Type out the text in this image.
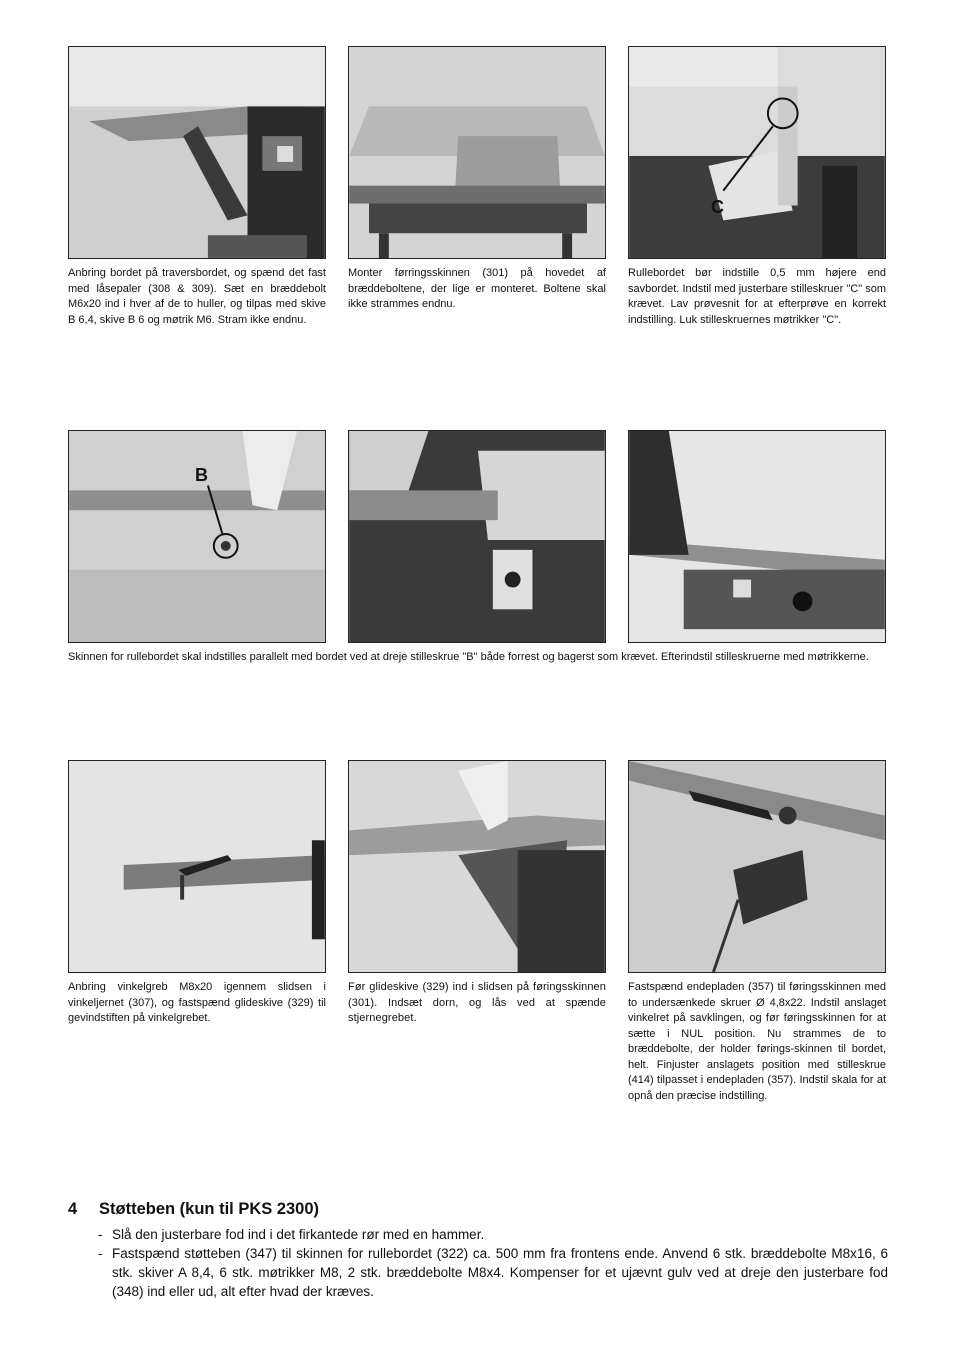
C

Anbring bordet på traversbordet, og spænd det fast med låsepaler (308 & 309). Sæt en bræddebolt M6x20 ind i hver af de to huller, og tilpas med skive B 6,4, skive B 6 og møtrik M6. Stram ikke endnu.

Monter førringsskinnen (301) på hovedet af bræddeboltene, der lige er monteret. Boltene skal ikke strammes endnu.

Rullebordet bør indstille 0,5 mm højere end savbordet. Indstil med justerbare stilleskruer "C" som krævet. Lav prøvesnit for at efterprøve en korrekt indstilling. Luk stilleskruernes møtrikker "C".

B

Skinnen for rullebordet skal indstilles parallelt med bordet ved at dreje stilleskrue "B" både forrest og bagerst som krævet. Efterindstil stilleskruerne med møtrikkerne.

Anbring vinkelgreb M8x20 igennem slidsen i vinkeljernet (307), og fastspænd glideskive (329) til gevindstiften på vinkelgrebet.

Før glideskive (329) ind i slidsen på føringsskinnen (301). Indsæt dorn, og lås ved at spænde stjernegrebet.

Fastspænd endepladen (357) til føringsskinnen med to undersænkede skruer Ø 4,8x22. Indstil anslaget vinkelret på savklingen, og før føringsskinnen for at sætte i NUL position. Nu strammes de to bræddebolte, der holder førings-skinnen til bordet, helt. Finjuster anslagets position med stilleskrue (414) tilpasset i endepladen (357). Indstil skala for at opnå den præcise indstilling.

4	Støtteben (kun til PKS 2300)
- Slå den justerbare fod ind i det firkantede rør med en hammer.
- Fastspænd støtteben (347) til skinnen for rullebordet (322) ca. 500 mm fra frontens ende. Anvend 6 stk. bræddebolte M8x16, 6 stk. skiver A 8,4, 6 stk. møtrikker M8, 2 stk. bræddebolte M8x4. Kompenser for et ujævnt gulv ved at dreje den justerbare fod (348) ind eller ud, alt efter hvad der kræves.
